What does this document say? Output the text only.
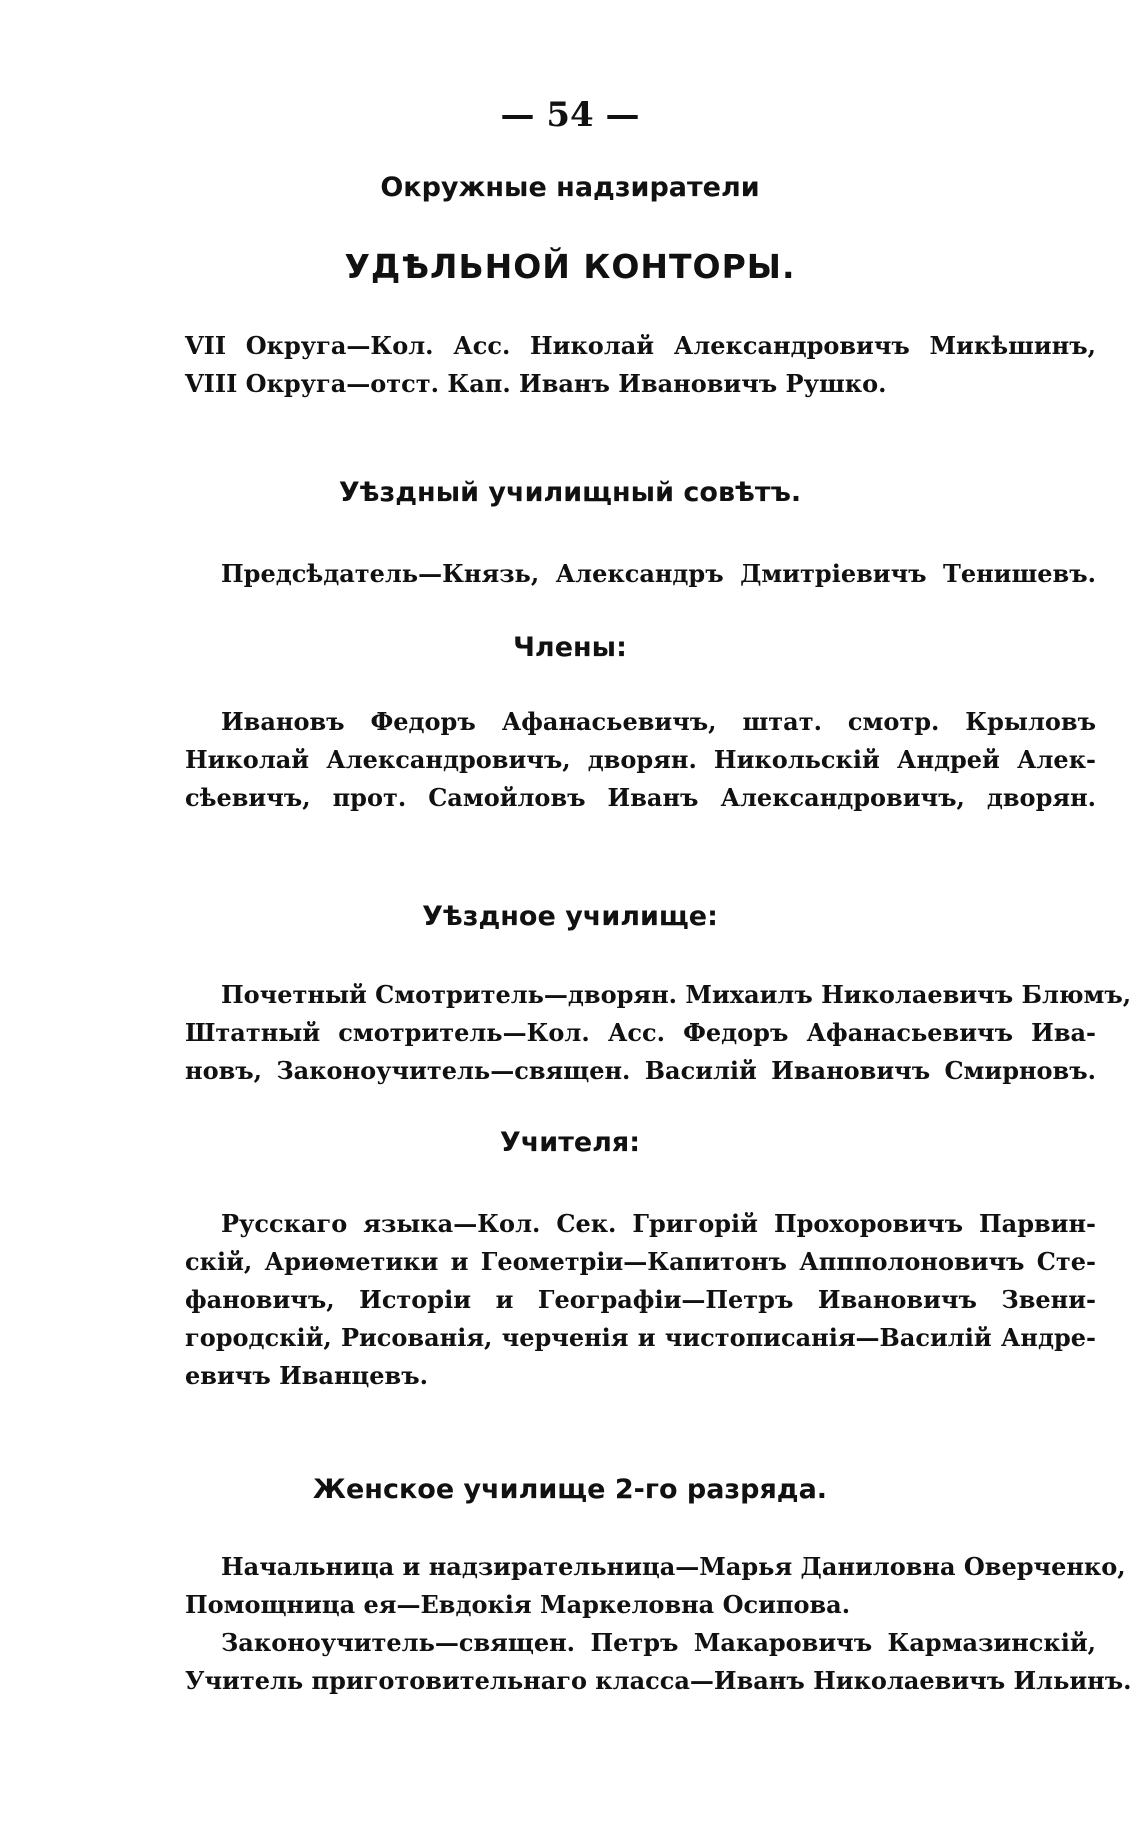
— 54 —
Окружные надзиратели
УДѢЛЬНОЙ КОНТОРЫ.

VII Округа—Кол. Асс. Николай Александровичъ Микѣшинъ,

VIII Округа—отст. Кап. Иванъ Ивановичъ Рушко.

Уѣздный училищный совѣтъ.

Предсѣдатель—Князь, Александръ Дмитріевичъ Тенишевъ.

Члены:

Ивановъ Федоръ Афанасьевичъ, штат. смотр. Крыловъ

Николай Александровичъ, дворян. Никольскій Андрей Алек-

сѣевичъ, прот. Самойловъ Иванъ Александровичъ, дворян.

Уѣздное училище:

Почетный Смотритель—дворян. Михаилъ Николаевичъ Блюмъ,

Штатный смотритель—Кол. Асс. Федоръ Афанасьевичъ Ива-

новъ, Законоучитель—священ. Василій Ивановичъ Смирновъ.

Учителя:

Русскаго языка—Кол. Сек. Григорій Прохоровичъ Парвин-

скій, Ариѳметики и Геометріи—Капитонъ Аппполоновичъ Сте-

фановичъ, Исторіи и Географіи—Петръ Ивановичъ Звени-

городскій, Рисованія, черченія и чистописанія—Василій Андре-

евичъ Иванцевъ.

Женское училище 2-го разряда.

Начальница и надзирательница—Марья Даниловна Оверченко,

Помощница ея—Евдокія Маркеловна Осипова.

Законоучитель—священ. Петръ Макаровичъ Кармазинскій,

Учитель приготовительнаго класса—Иванъ Николаевичъ Ильинъ.
